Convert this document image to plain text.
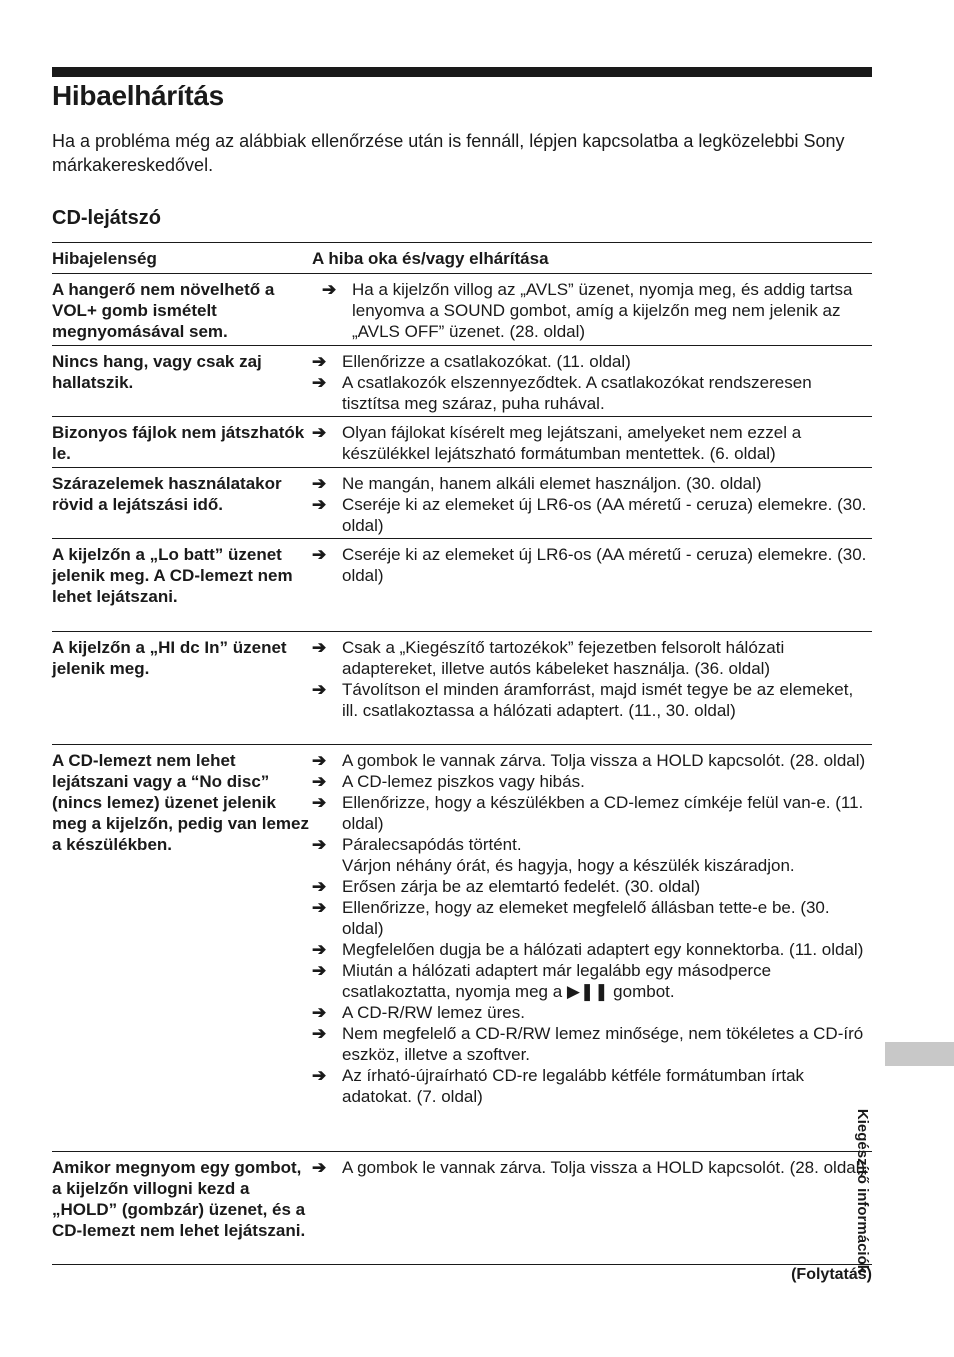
Hibaelhárítás

Ha a probléma még az alábbiak ellenőrzése után is fennáll, lépjen kapcsolatba a legközelebbi Sony márkakereskedővel.

CD-lejátszó
Hibajelenség	A hiba oka és/vagy elhárítása
A hangerő nem növelhető a VOL+ gomb ismételt megnyomásával sem.
➔ Ha a kijelzőn villog az „AVLS” üzenet, nyomja meg, és addig tartsa lenyomva a SOUND gombot, amíg a kijelzőn meg nem jelenik az „AVLS OFF” üzenet. (28. oldal)
Nincs hang, vagy csak zaj hallatszik.
➔ Ellenőrizze a csatlakozókat. (11. oldal)
➔ A csatlakozók elszennyeződtek. A csatlakozókat rendszeresen tisztítsa meg száraz, puha ruhával.
Bizonyos fájlok nem játszhatók le.
➔ Olyan fájlokat kísérelt meg lejátszani, amelyeket nem ezzel a készülékkel lejátszható formátumban mentettek. (6. oldal)
Szárazelemek használatakor rövid a lejátszási idő.
➔ Ne mangán, hanem alkáli elemet használjon. (30. oldal)
➔ Cseréje ki az elemeket új LR6-os (AA méretű - ceruza) elemekre. (30. oldal)
A kijelzőn a „Lo batt” üzenet jelenik meg. A CD-lemezt nem lehet lejátszani.
➔ Cseréje ki az elemeket új LR6-os (AA méretű - ceruza) elemekre. (30. oldal)
A kijelzőn a „HI dc In” üzenet jelenik meg.
➔ Csak a „Kiegészítő tartozékok” fejezetben felsorolt hálózati adaptereket, illetve autós kábeleket használja. (36. oldal)
➔ Távolítson el minden áramforrást, majd ismét tegye be az elemeket, ill. csatlakoztassa a hálózati adaptert. (11., 30. oldal)
A CD-lemezt nem lehet lejátszani vagy a “No disc” (nincs lemez) üzenet jelenik meg a kijelzőn, pedig van lemez a készülékben.
➔ A gombok le vannak zárva. Tolja vissza a HOLD kapcsolót. (28. oldal)
➔ A CD-lemez piszkos vagy hibás.
➔ Ellenőrizze, hogy a készülékben a CD-lemez címkéje felül van-e. (11. oldal)
➔ Páralecsapódás történt.
Várjon néhány órát, és hagyja, hogy a készülék kiszáradjon.
➔ Erősen zárja be az elemtartó fedelét. (30. oldal)
➔ Ellenőrizze, hogy az elemeket megfelelő állásban tette-e be. (30. oldal)
➔ Megfelelően dugja be a hálózati adaptert egy konnektorba. (11. oldal)
➔ Miután a hálózati adaptert már legalább egy másodperce csatlakoztatta, nyomja meg a ▶❚❚ gombot.
➔ A CD-R/RW lemez üres.
➔ Nem megfelelő a CD-R/RW lemez minősége, nem tökéletes a CD-író eszköz, illetve a szoftver.
➔ Az írható-újraírható CD-re legalább kétféle formátumban írtak adatokat. (7. oldal)
Amikor megnyom egy gombot, a kijelzőn villogni kezd a „HOLD” (gombzár) üzenet, és a CD-lemezt nem lehet lejátszani.
➔ A gombok le vannak zárva. Tolja vissza a HOLD kapcsolót. (28. oldal)
(Folytatás)
Kiegészítő információk
